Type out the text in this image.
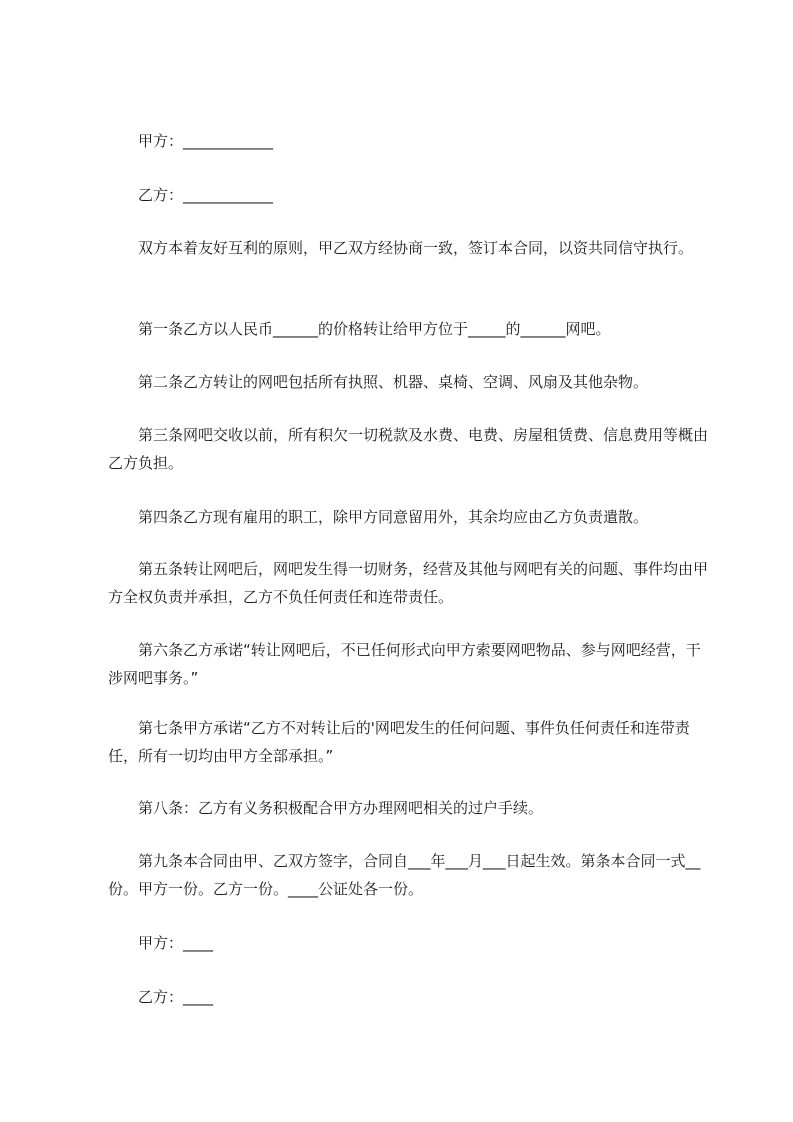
甲方：____________

乙方：____________

双方本着友好互利的原则，甲乙双方经协商一致，签订本合同，以资共同信守执行。

第一条乙方以人民币______的价格转让给甲方位于_____的______网吧。

第二条乙方转让的网吧包括所有执照、机器、桌椅、空调、风扇及其他杂物。

第三条网吧交收以前，所有积欠一切税款及水费、电费、房屋租赁费、信息费用等概由乙方负担。

第四条乙方现有雇用的职工，除甲方同意留用外，其余均应由乙方负责遣散。

第五条转让网吧后，网吧发生得一切财务，经营及其他与网吧有关的问题、事件均由甲方全权负责并承担，乙方不负任何责任和连带责任。

第六条乙方承诺“转让网吧后，不已任何形式向甲方索要网吧物品、参与网吧经营，干涉网吧事务。”

第七条甲方承诺“乙方不对转让后的'网吧发生的任何问题、事件负任何责任和连带责任，所有一切均由甲方全部承担。”

第八条：乙方有义务积极配合甲方办理网吧相关的过户手续。

第九条本合同由甲、乙双方签字，合同自___年___月___日起生效。第条本合同一式__份。甲方一份。乙方一份。____公证处各一份。

甲方：____

乙方：____
